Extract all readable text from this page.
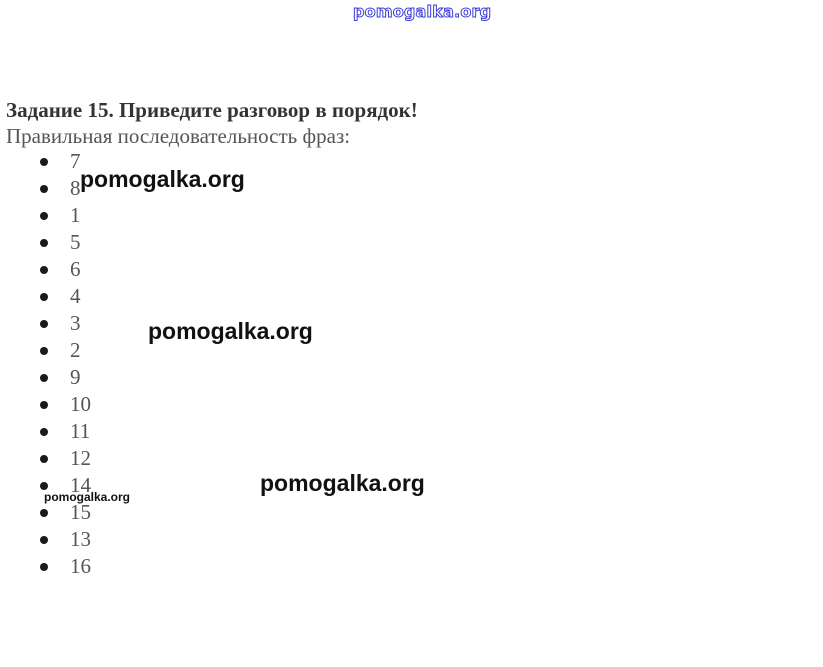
pomogalka.org
Задание 15. Приведите разговор в порядок!
Правильная последовательность фраз:
7
8
1
5
6
4
3
2
9
10
11
12
14
15
13
16
pomogalka.org
pomogalka.org
pomogalka.org
pomogalka.org
